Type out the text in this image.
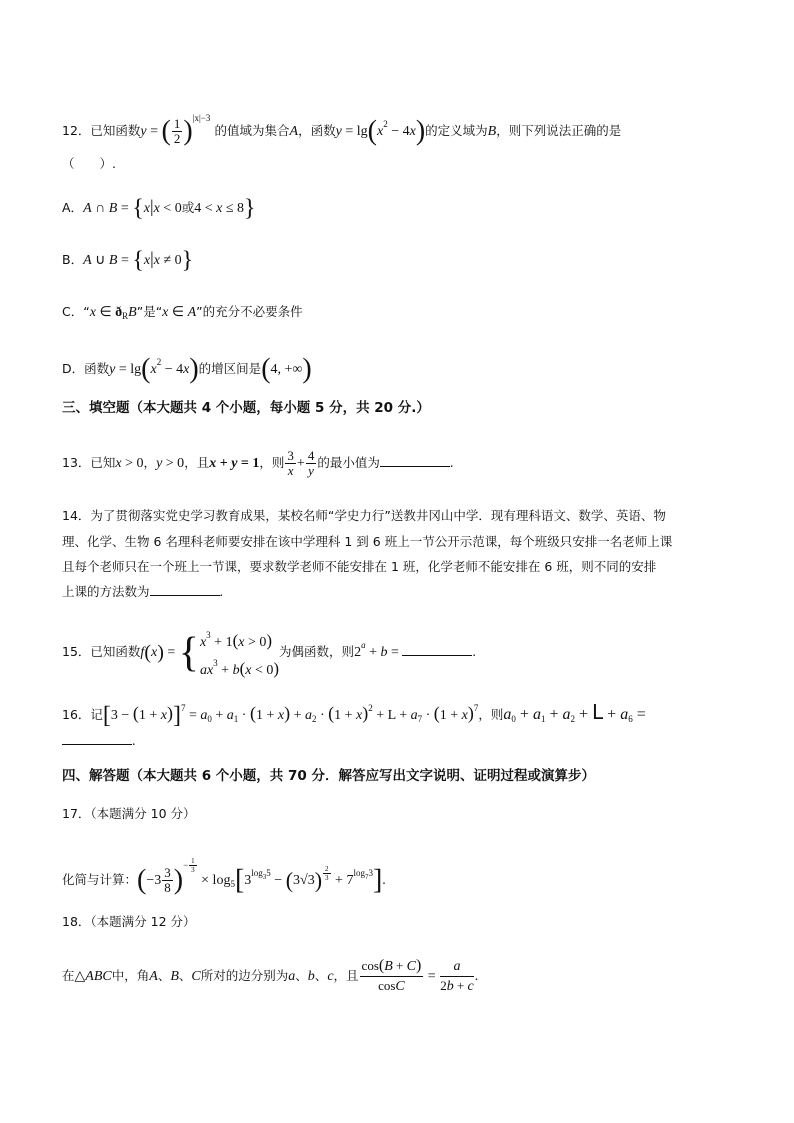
12．已知函数y = ( $\frac{1}{2} )^{|x|-3}$ 的值域为集合A，函数$y = \lg(x^2 - 4x)$的定义域为B，则下列说法正确的是
（　　）.
A．A ∩ B = {x|x < 0或4 < x ≤ 8}
B．A ∪ B = {x|x ≠ 0}
C．“x ∈ $ð_RB$”是“x ∈ A”的充分不必要条件
D．函数$y = \lg(x^2 - 4x)$的增区间是(4, +∞)
三、填空题（本大题共 4 个小题，每小题 5 分，共 20 分.）
13．已知x > 0，y > 0，且x + y = 1，则 $\frac{3}{x} + \frac{4}{y}$ 的最小值为	.
14．为了贯彻落实党史学习教育成果，某校名师“学史力行”送教井冈山中学．现有理科语文、数学、英语、物
理、化学、生物 6 名理科老师要安排在该中学理科 1 到 6 班上一节公开示范课，每个班级只安排一名老师上课
且每个老师只在一个班上一节课，要求数学老师不能安排在 1 班，化学老师不能安排在 6 班，则不同的安排
上课的方法数为	.
15．已知函数f(x) = { $x^3 + 1(x > 0)$
$ax^3 + b(x < 0)$
为偶函数，则$2^a + b$ =	.
16．记$[3 - (1 + x)]^7 = a_0 + a_1 \cdot (1 + x) + a_2 \cdot (1 + x)^2 + L + a_7 \cdot (1 + x)^7$，则$a_0 + a_1 + a_2 + L + a_6$ =
.
四、解答题（本大题共 6 个小题，共 70 分．解答应写出文字说明、证明过程或演算步）
17．（本题满分 10 分）
化简与计算：$(-3 \frac{3}{8} )^{- \frac{1}{3}}$
× $\log_5[3^{log_35} - (3√3) ^{\frac{2}{3}} + 7^{log_73}]$.
18．（本题满分 12 分）
在△ABC中，角A、B、C所对的边分别为a、b、c，且 $\frac{\cos(B + C)}{\cos C} = \frac{a}{2b + c}$ .
